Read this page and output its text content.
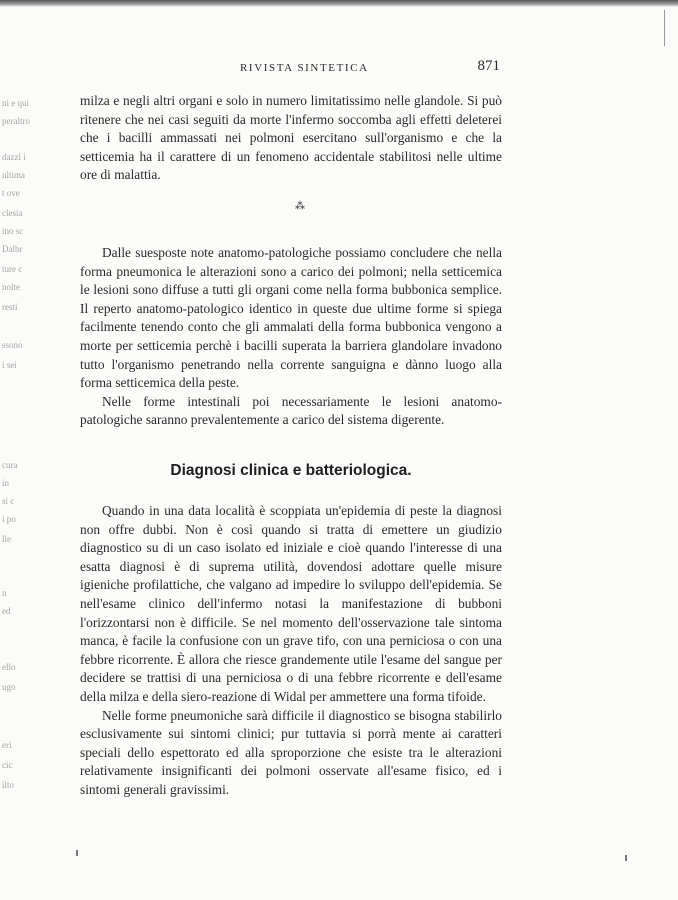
ni e qui
peraltro
dazzi i
ultima
t ove
clesia
ino sc
Dalbr
ture c
nolte
resti
ssono
i sei
cura
in
si c
i po
lle
n
ed
ello
ugo
eri
cic
ilto
RIVISTA SINTETICA	871

milza e negli altri organi e solo in numero limitatissimo nelle glandole. Si può ritenere che nei casi seguiti da morte l'infermo soccomba agli effetti deleterei che i bacilli ammassati nei polmoni esercitano sull'organismo e che la setticemia ha il carattere di un fenomeno accidentale stabilitosi nelle ultime ore di malattia.

⁂

Dalle suesposte note anatomo-patologiche possiamo concludere che nella forma pneumonica le alterazioni sono a carico dei polmoni; nella setticemica le lesioni sono diffuse a tutti gli organi come nella forma bubbonica semplice. Il reperto anatomo-patologico identico in queste due ultime forme si spiega facilmente tenendo conto che gli ammalati della forma bubbonica vengono a morte per setticemia perchè i bacilli superata la barriera glandolare invadono tutto l'organismo penetrando nella corrente sanguigna e dànno luogo alla forma setticemica della peste.

Nelle forme intestinali poi necessariamente le lesioni anatomo-patologiche saranno prevalentemente a carico del sistema digerente.

Diagnosi clinica e batteriologica.

Quando in una data località è scoppiata un'epidemia di peste la diagnosi non offre dubbi. Non è così quando si tratta di emettere un giudizio diagnostico su di un caso isolato ed iniziale e cioè quando l'interesse di una esatta diagnosi è di suprema utilità, dovendosi adottare quelle misure igieniche profilattiche, che valgano ad impedire lo sviluppo dell'epidemia. Se nell'esame clinico dell'infermo notasi la manifestazione di bubboni l'orizzontarsi non è difficile. Se nel momento dell'osservazione tale sintoma manca, è facile la confusione con un grave tifo, con una perniciosa o con una febbre ricorrente. È allora che riesce grandemente utile l'esame del sangue per decidere se trattisi di una perniciosa o di una febbre ricorrente e dell'esame della milza e della siero-reazione di Widal per ammettere una forma tifoide.

Nelle forme pneumoniche sarà difficile il diagnostico se bisogna stabilirlo esclusivamente sui sintomi clinici; pur tuttavia si porrà mente ai caratteri speciali dello espettorato ed alla sproporzione che esiste tra le alterazioni relativamente insignificanti dei polmoni osservate all'esame fisico, ed i sintomi generali gravissimi.
